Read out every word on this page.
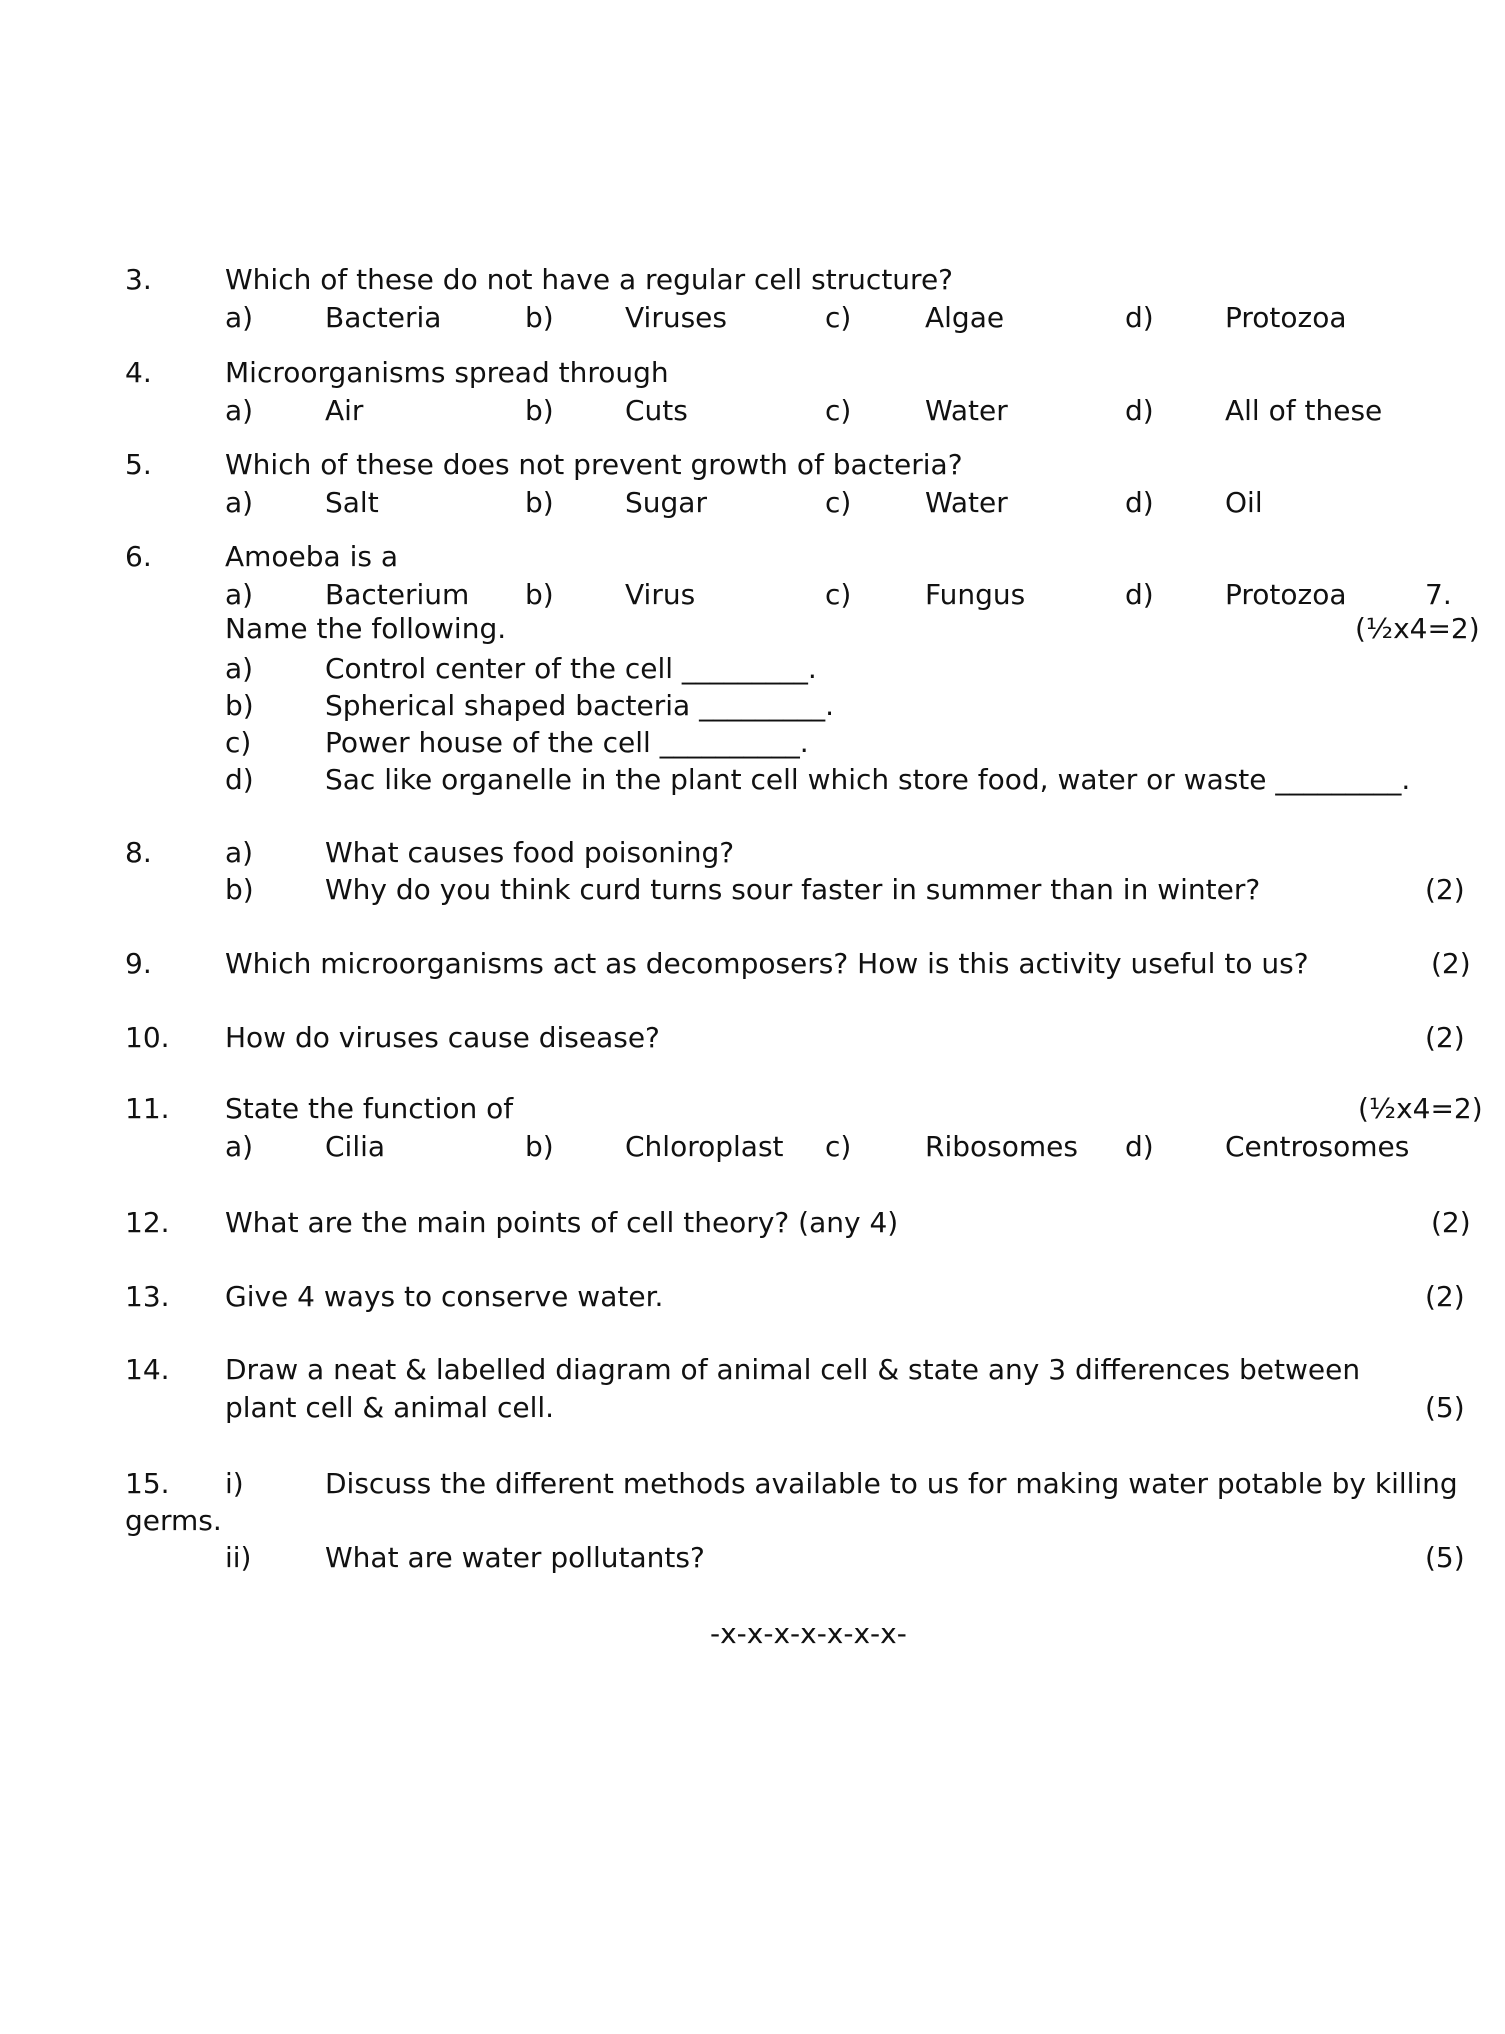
3.	Which of these do not have a regular cell structure?
a)	Bacteria	b)	Viruses	c)	Algae	d)	Protozoa
4.	Microorganisms spread through
a)	Air	b)	Cuts	c)	Water	d)	All of these
5.	Which of these does not prevent growth of bacteria?
a)	Salt	b)	Sugar	c)	Water	d)	Oil
6.	Amoeba is a
a)	Bacterium b)	Virus	c)	Fungus	d)	Protozoa	7.
Name the following.	(½x4=2)
a)	Control center of the cell _________.
b)	Spherical shaped bacteria _________.
c)	Power house of the cell __________.
d)	Sac like organelle in the plant cell which store food, water or waste _________.
8.	a)	What causes food poisoning?
b)	Why do you think curd turns sour faster in summer than in winter?	(2)
9.	Which microorganisms act as decomposers? How is this activity useful to us?	(2)
10. How do viruses cause disease?	(2)
11. State the function of	(½x4=2)
a)	Cilia	b)	Chloroplast c)	Ribosomes d)	Centrosomes
12. What are the main points of cell theory? (any 4)	(2)
13. Give 4 ways to conserve water.	(2)
14. Draw a neat & labelled diagram of animal cell & state any 3 differences between
plant cell & animal cell.	(5)
15. i)	Discuss the different methods available to us for making water potable by killing
germs.
ii)	What are water pollutants?	(5)
-x-x-x-x-x-x-x-
